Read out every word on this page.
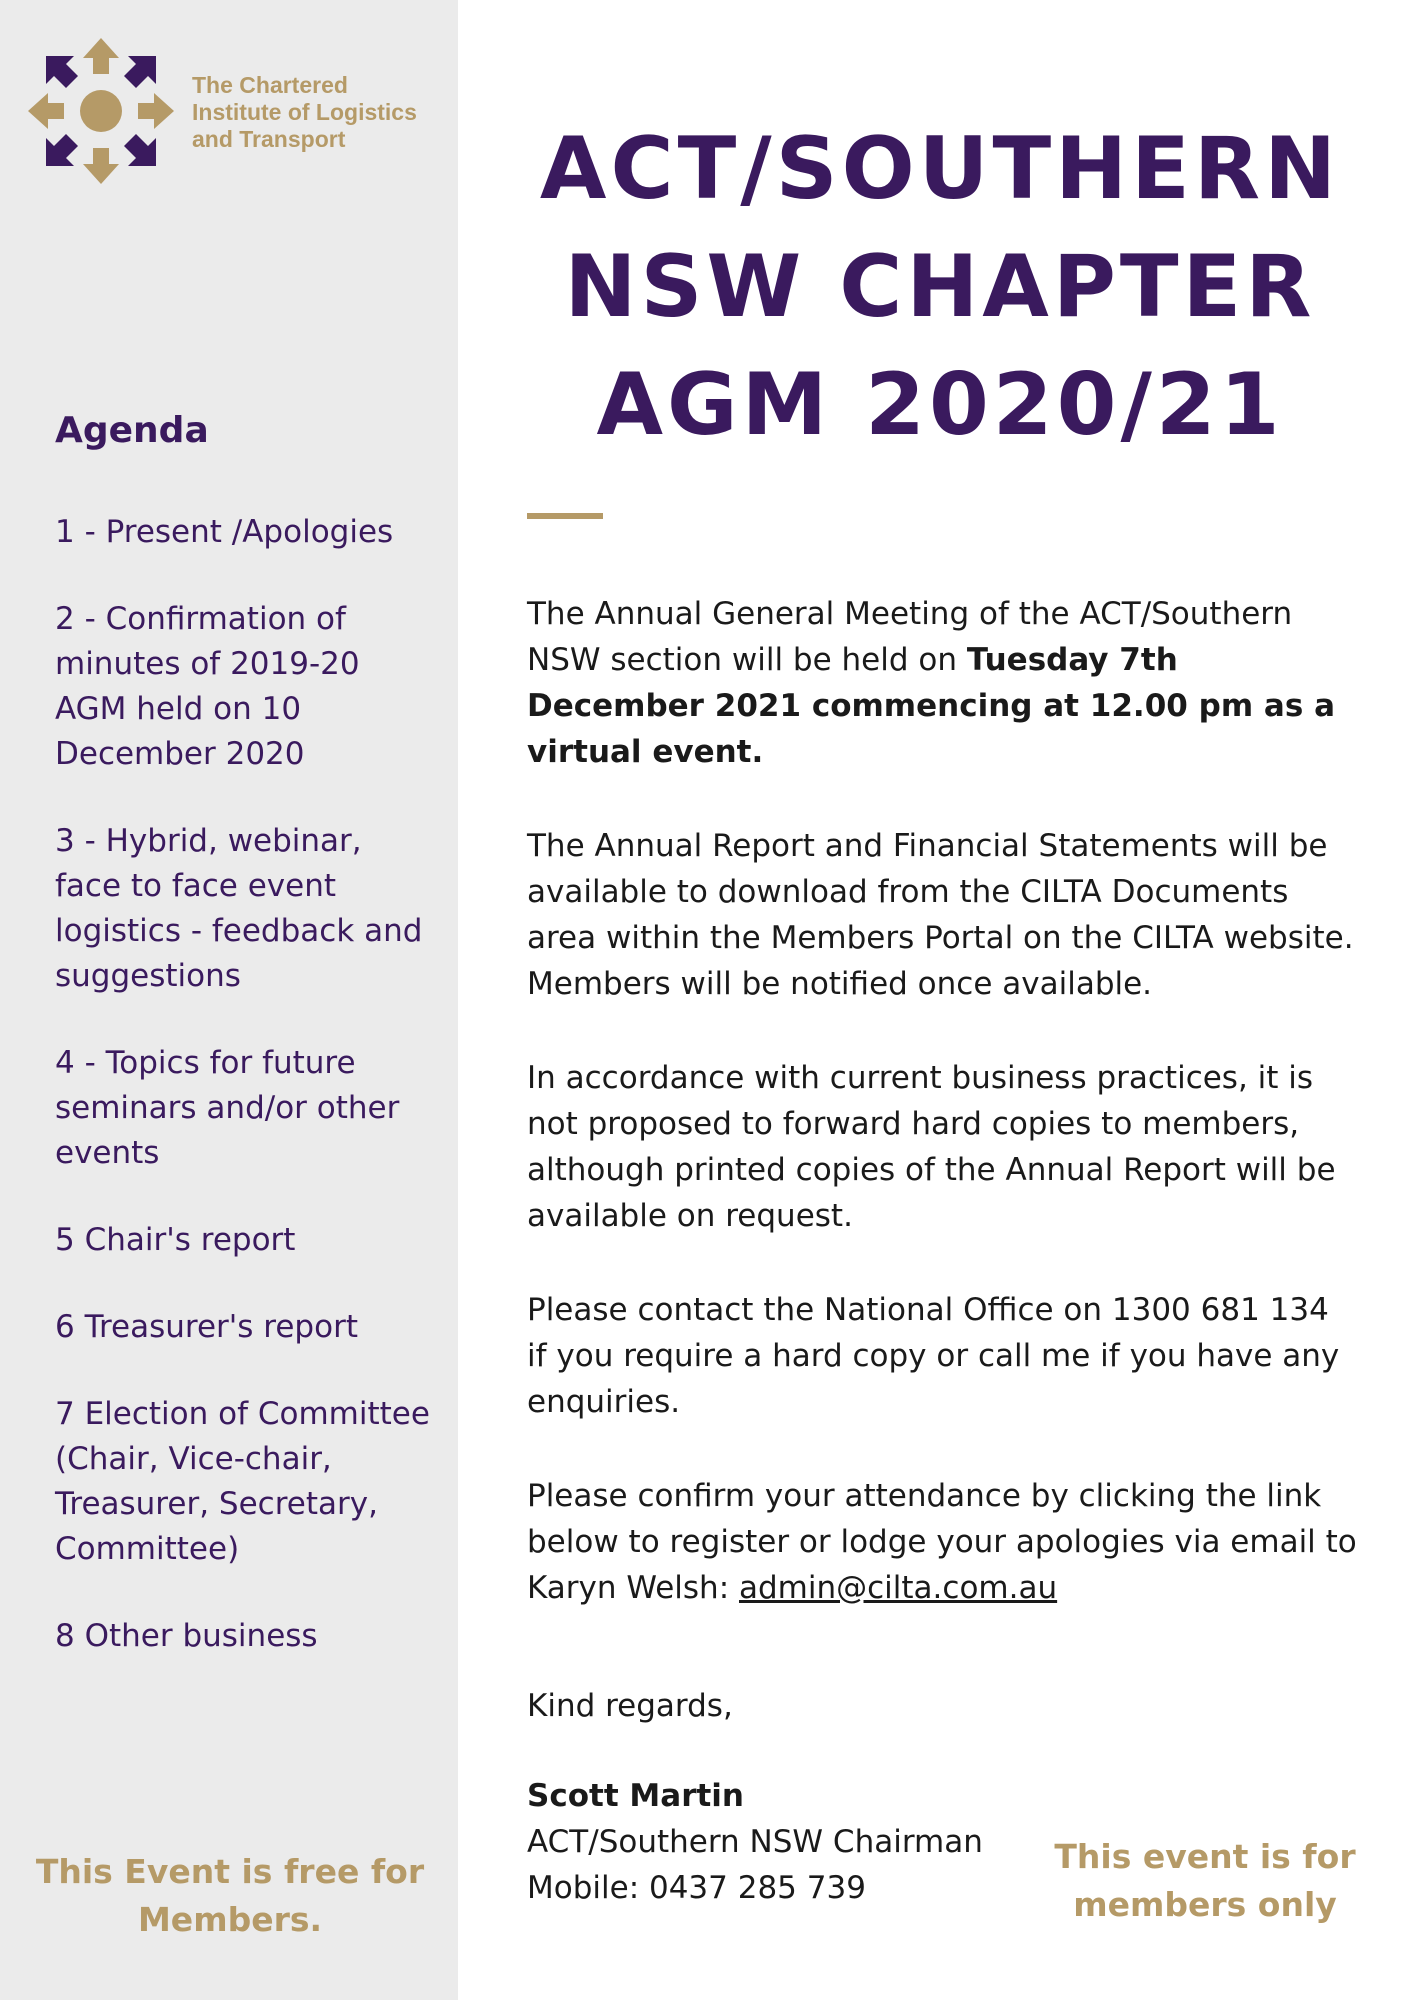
The Chartered
Institute of Logistics
and Transport
Agenda
1 - Present /Apologies
2 - Confirmation of minutes of 2019-20 AGM held on 10 December 2020
3 - Hybrid, webinar, face to face event logistics - feedback and suggestions
4 - Topics for future seminars and/or other events
5 Chair's report
6 Treasurer's report
7 Election of Committee (Chair, Vice-chair, Treasurer, Secretary, Committee)
8 Other business
This Event is free for Members.
ACT/SOUTHERN
NSW CHAPTER
AGM 2020/21

The Annual General Meeting of the ACT/Southern NSW section will be held on Tuesday 7th December 2021 commencing at 12.00 pm as a virtual event.

The Annual Report and Financial Statements will be available to download from the CILTA Documents area within the Members Portal on the CILTA website. Members will be notified once available.

In accordance with current business practices, it is not proposed to forward hard copies to members, although printed copies of the Annual Report will be available on request.

Please contact the National Office on 1300 681 134 if you require a hard copy or call me if you have any enquiries.

Please confirm your attendance by clicking the link below to register or lodge your apologies via email to Karyn Welsh: admin@cilta.com.au

Kind regards,

Scott Martin
ACT/Southern NSW Chairman
Mobile: 0437 285 739
This event is for members only
